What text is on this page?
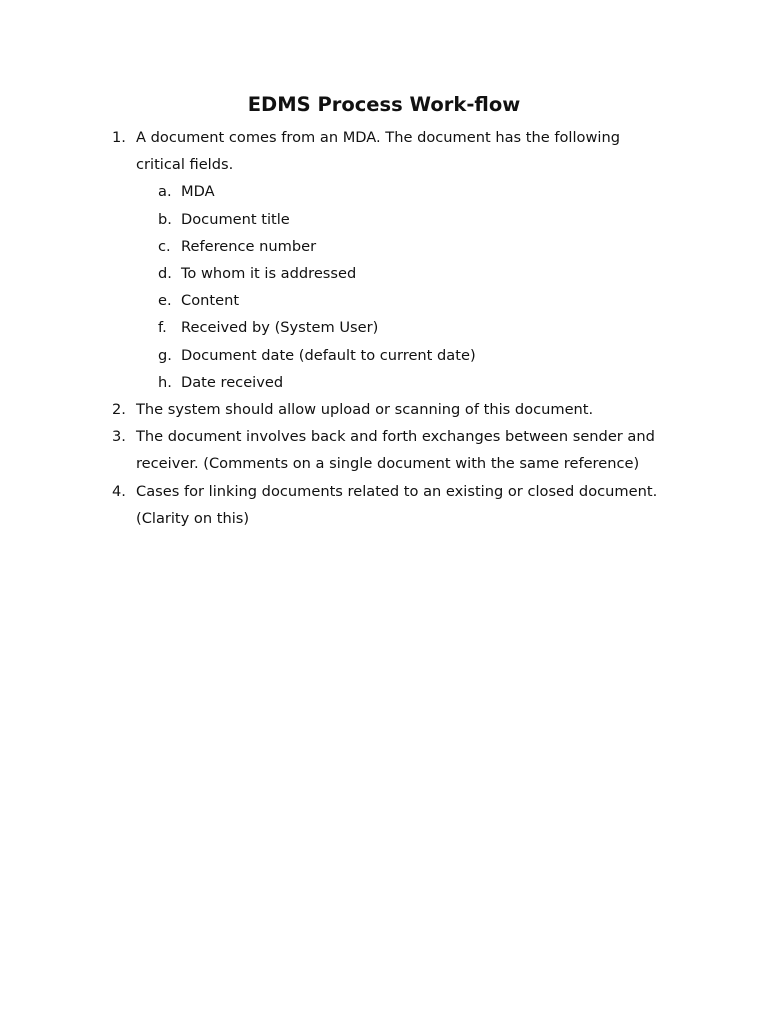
EDMS Process Work-flow
1. A document comes from an MDA. The document has the following
critical fields.
a. MDA
b. Document title
c. Reference number
d. To whom it is addressed
e. Content
f. Received by (System User)
g. Document date (default to current date)
h. Date received
2. The system should allow upload or scanning of this document.
3. The document involves back and forth exchanges between sender and
receiver. (Comments on a single document with the same reference)
4. Cases for linking documents related to an existing or closed document.
(Clarity on this)
